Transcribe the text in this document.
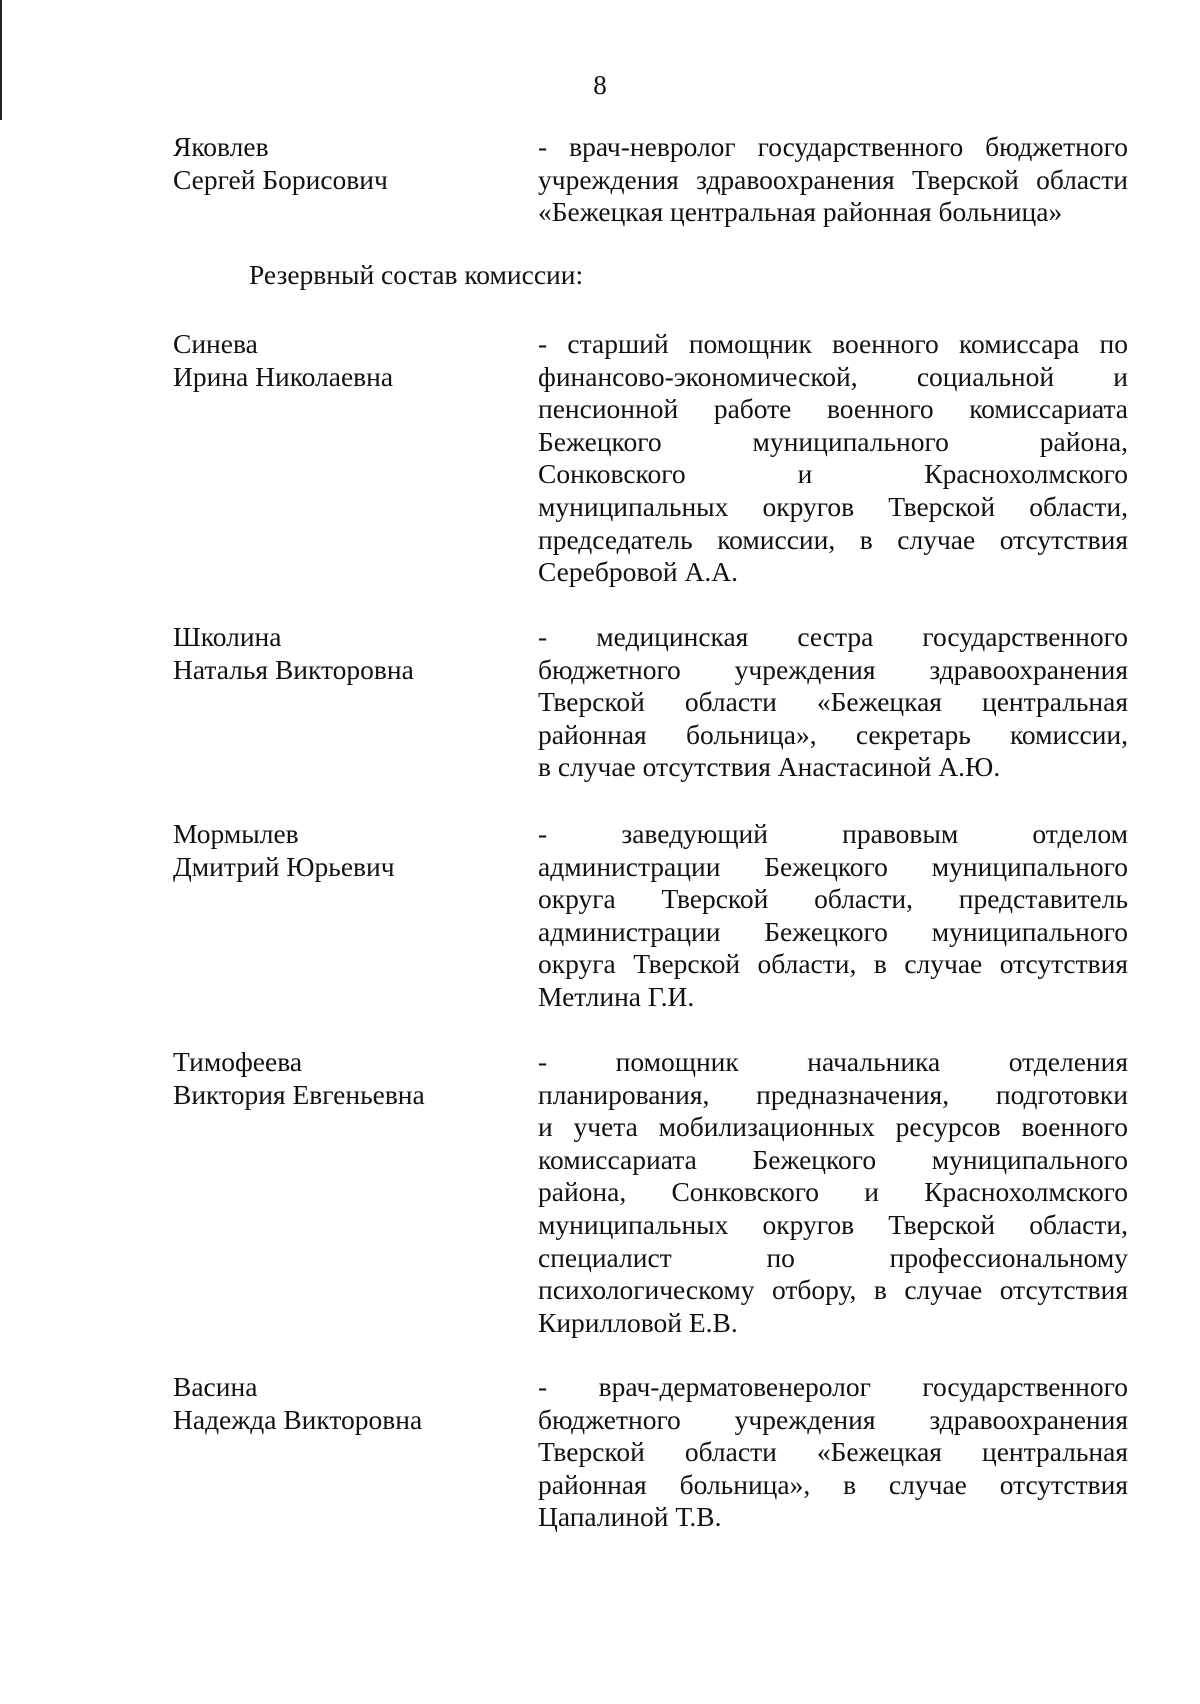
8
Яковлев
Сергей Борисович
- врач-невролог государственного бюджетного
учреждения здравоохранения Тверской области
«Бежецкая центральная районная больница»
Резервный состав комиссии:
Синева
Ирина Николаевна
- старший помощник военного комиссара по
финансово-экономической, социальной и
пенсионной работе военного комиссариата
Бежецкого муниципального района,
Сонковского и Краснохолмского
муниципальных округов Тверской области,
председатель комиссии, в случае отсутствия
Серебровой А.А.
Школина
Наталья Викторовна
- медицинская сестра государственного
бюджетного учреждения здравоохранения
Тверской области «Бежецкая центральная
районная больница», секретарь комиссии,
в случае отсутствия Анастасиной А.Ю.
Мормылев
Дмитрий Юрьевич
- заведующий правовым отделом
администрации Бежецкого муниципального
округа Тверской области, представитель
администрации Бежецкого муниципального
округа Тверской области, в случае отсутствия
Метлина Г.И.
Тимофеева
Виктория Евгеньевна
- помощник начальника отделения
планирования, предназначения, подготовки
и учета мобилизационных ресурсов военного
комиссариата Бежецкого муниципального
района, Сонковского и Краснохолмского
муниципальных округов Тверской области,
специалист по профессиональному
психологическому отбору, в случае отсутствия
Кирилловой Е.В.
Васина
Надежда Викторовна
- врач-дерматовенеролог государственного
бюджетного учреждения здравоохранения
Тверской области «Бежецкая центральная
районная больница», в случае отсутствия
Цапалиной Т.В.
